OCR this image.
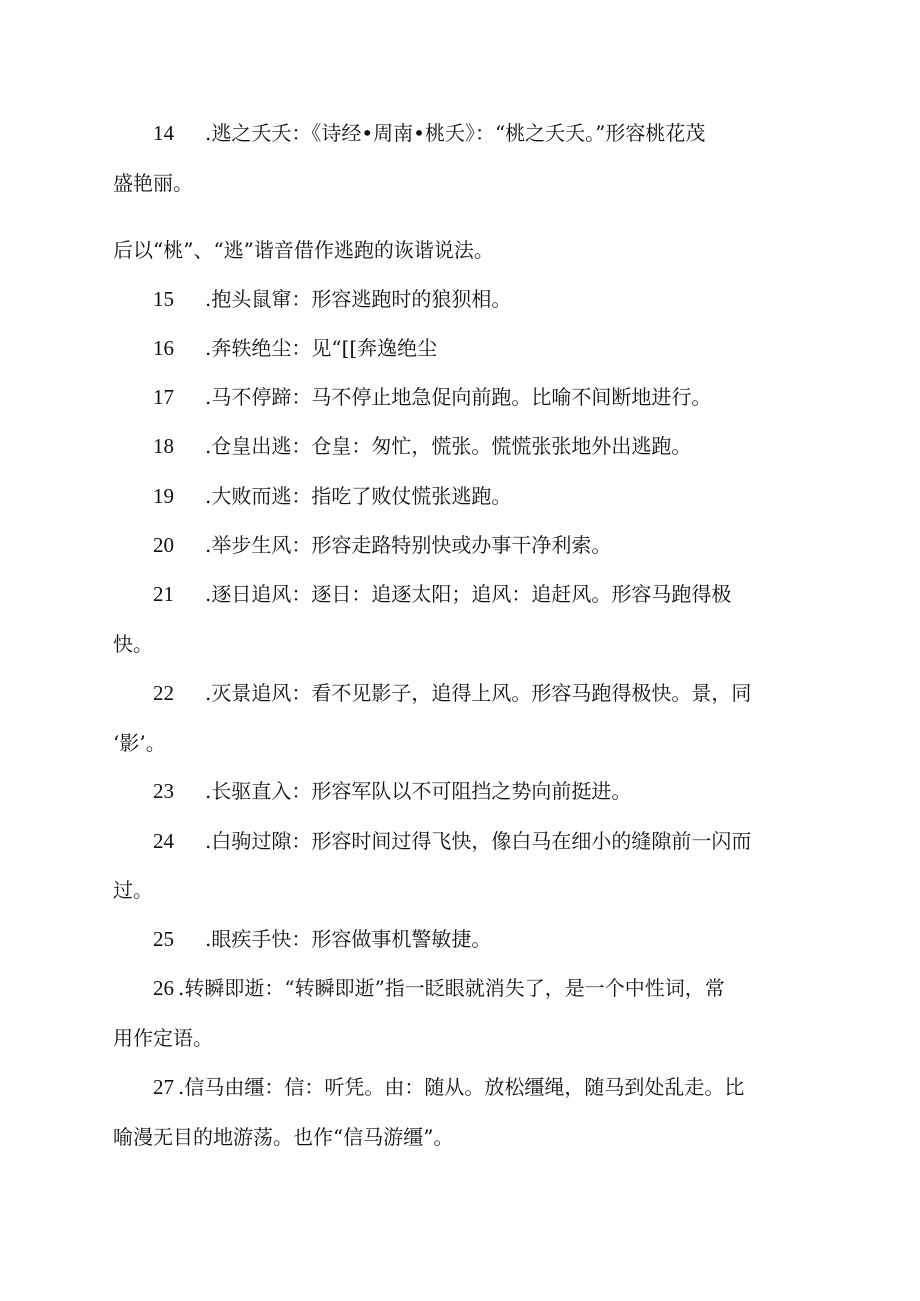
14 .逃之夭夭：《诗经•周南•桃夭》：“桃之夭夭。”形容桃花茂
盛艳丽。
后以“桃”、“逃”谐音借作逃跑的诙谐说法。
15 .抱头鼠窜：形容逃跑时的狼狈相。
16 .奔轶绝尘：见“[[奔逸绝尘
17 .马不停蹄：马不停止地急促向前跑。比喻不间断地进行。
18 .仓皇出逃：仓皇：匆忙，慌张。慌慌张张地外出逃跑。
19 .大败而逃：指吃了败仗慌张逃跑。
20 .举步生风：形容走路特别快或办事干净利索。
21 .逐日追风：逐日：追逐太阳；追风：追赶风。形容马跑得极
快。
22 .灭景追风：看不见影子，追得上风。形容马跑得极快。景，同
‘影’。
23 .长驱直入：形容军队以不可阻挡之势向前挺进。
24 .白驹过隙：形容时间过得飞快，像白马在细小的缝隙前一闪而
过。
25 .眼疾手快：形容做事机警敏捷。
26 .转瞬即逝：“转瞬即逝”指一眨眼就消失了，是一个中性词，常
用作定语。
27 .信马由缰：信：听凭。由：随从。放松缰绳，随马到处乱走。比
喻漫无目的地游荡。也作“信马游缰”。
